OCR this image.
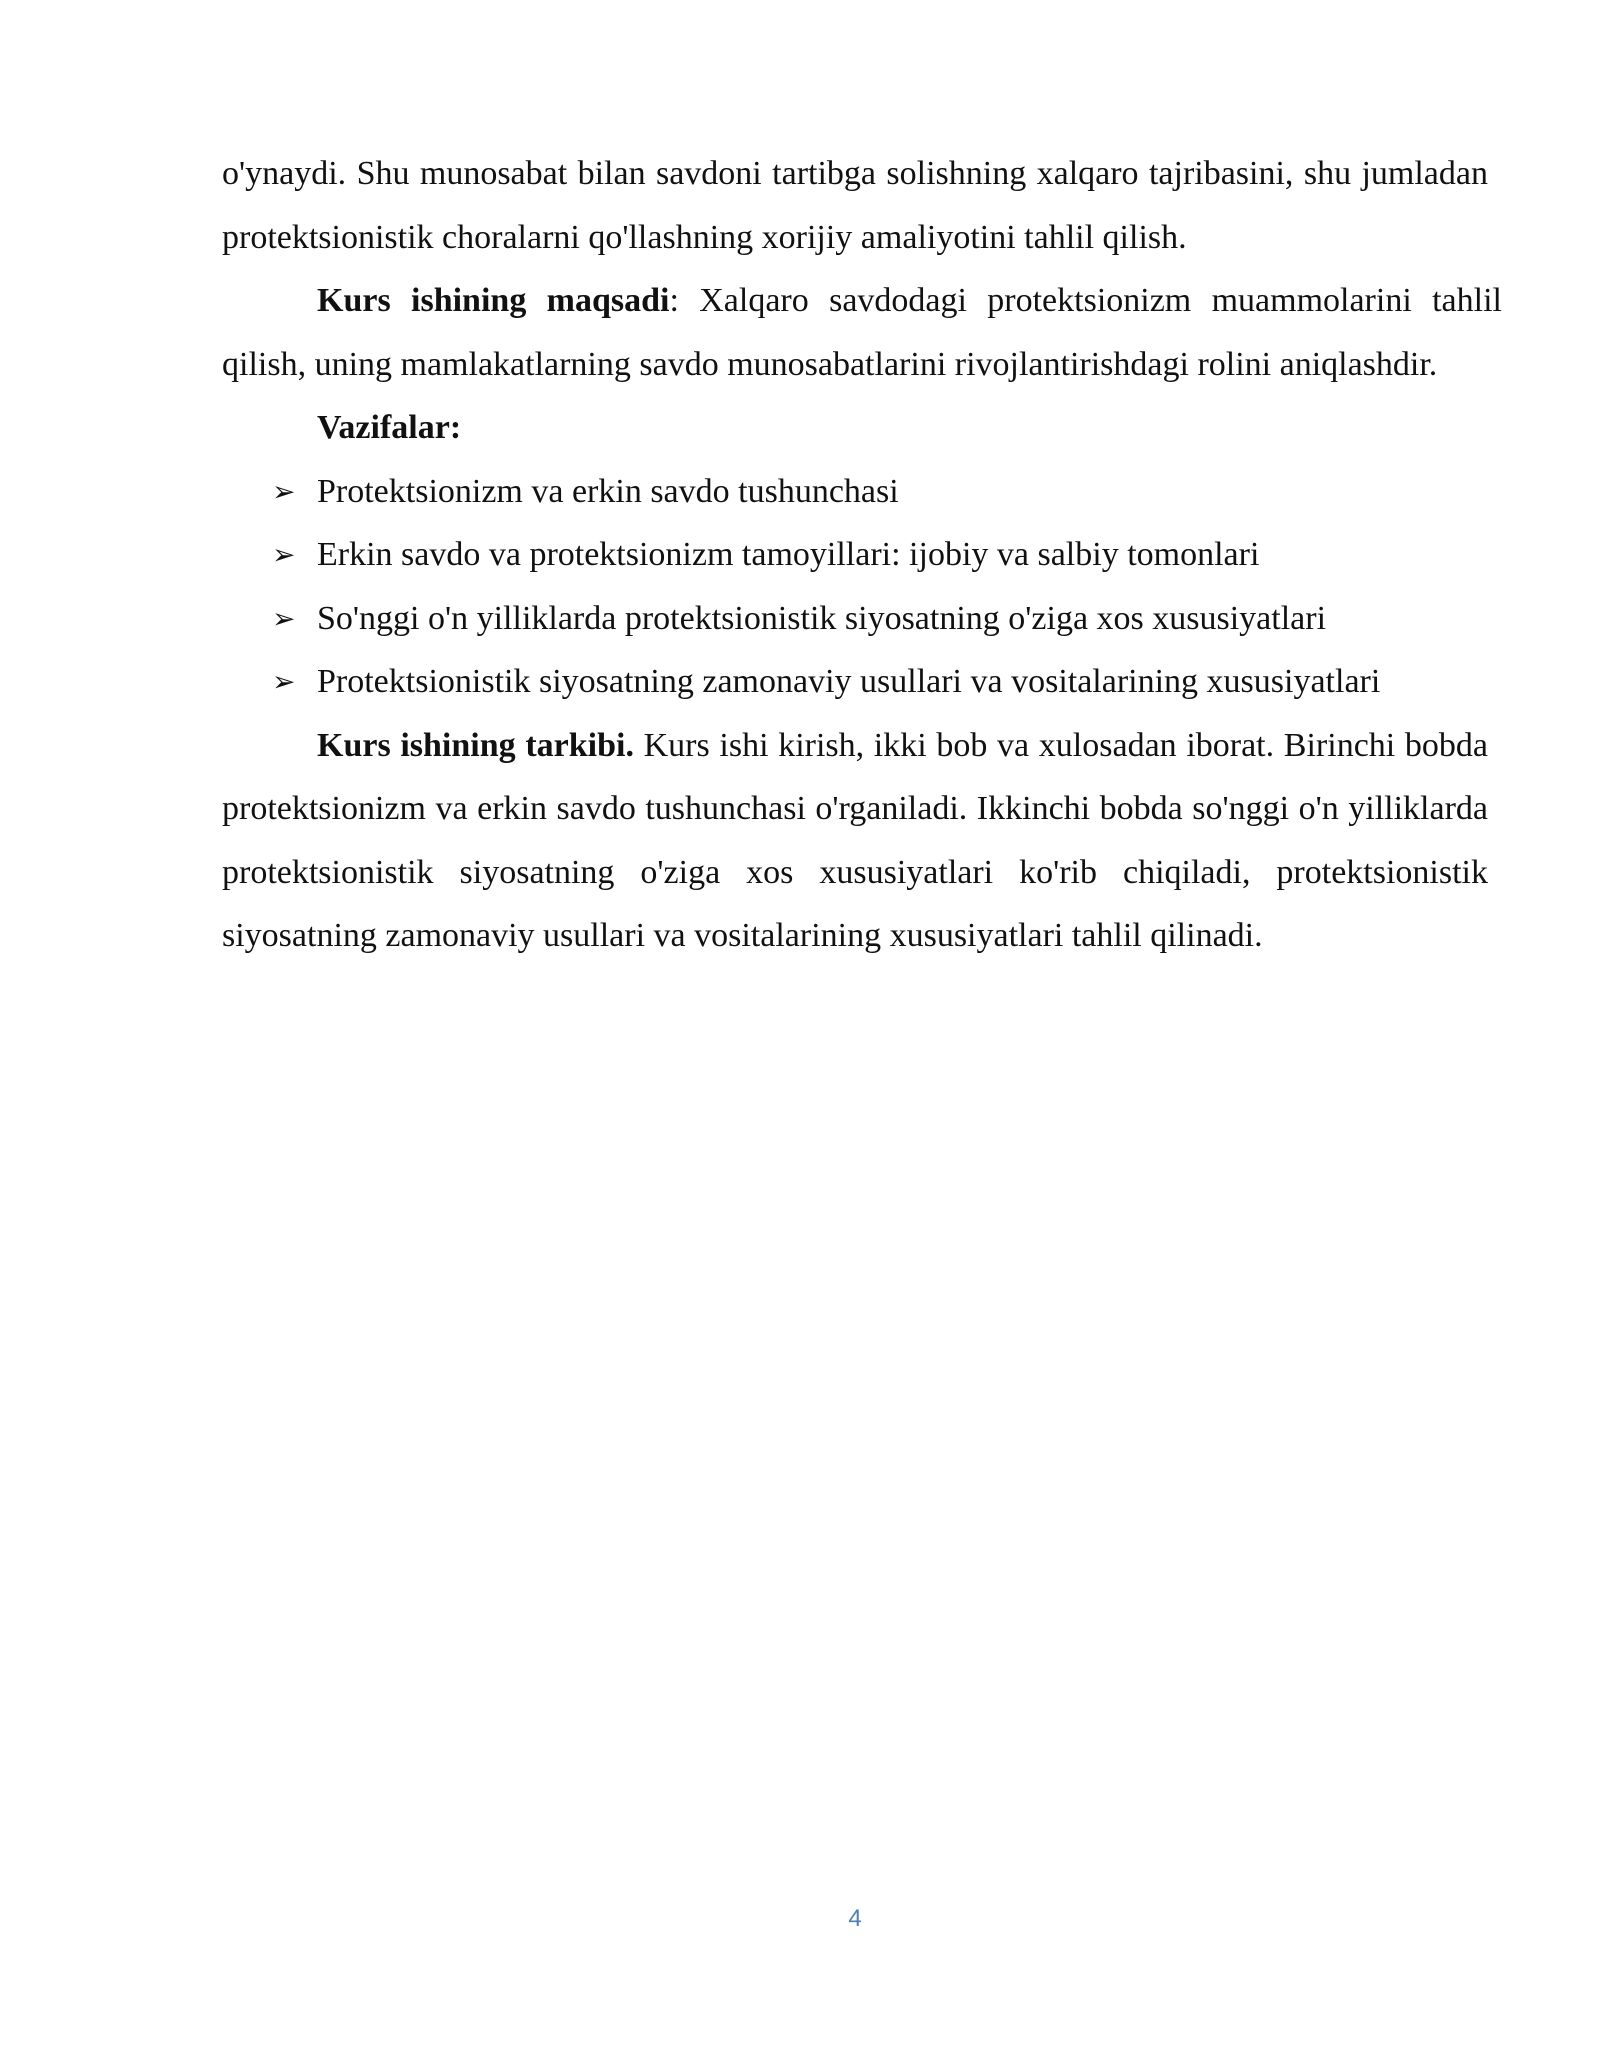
o'ynaydi. Shu munosabat bilan savdoni tartibga solishning xalqaro tajribasini, shu jumladan protektsionistik choralarni qo'llashning xorijiy amaliyotini tahlil qilish.

Kurs ishining maqsadi: Xalqaro savdodagi protektsionizm muammolarini tahlil qilish, uning mamlakatlarning savdo munosabatlarini rivojlantirishdagi rolini aniqlashdir.

Vazifalar:

➢ Protektsionizm va erkin savdo tushunchasi
➢ Erkin savdo va protektsionizm tamoyillari: ijobiy va salbiy tomonlari
➢ So'nggi o'n yilliklarda protektsionistik siyosatning o'ziga xos xususiyatlari
➢ Protektsionistik siyosatning zamonaviy usullari va vositalarining xususiyatlari

Kurs ishining tarkibi. Kurs ishi kirish, ikki bob va xulosadan iborat. Birinchi bobda protektsionizm va erkin savdo tushunchasi o'rganiladi. Ikkinchi bobda so'nggi o'n yilliklarda protektsionistik siyosatning o'ziga xos xususiyatlari ko'rib chiqiladi, protektsionistik siyosatning zamonaviy usullari va vositalarining xususiyatlari tahlil qilinadi.

4
